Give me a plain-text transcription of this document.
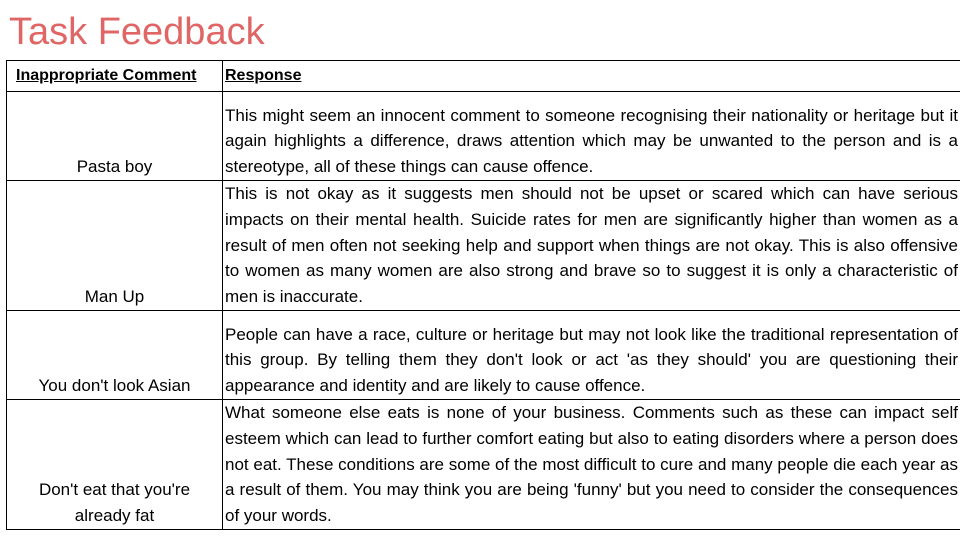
Task Feedback
Inappropriate Comment	Response
Pasta boy	This might seem an innocent comment to someone recognising their nationality or heritage but it again highlights a difference, draws attention which may be unwanted to the person and is a stereotype, all of these things can cause offence.
Man Up	This is not okay as it suggests men should not be upset or scared which can have serious impacts on their mental health. Suicide rates for men are significantly higher than women as a result of men often not seeking help and support when things are not okay. This is also offensive to women as many women are also strong and brave so to suggest it is only a characteristic of men is inaccurate.
You don't look Asian	People can have a race, culture or heritage but may not look like the traditional representation of this group. By telling them they don't look or act 'as they should' you are questioning their appearance and identity and are likely to cause offence.
Don't eat that you're already fat	What someone else eats is none of your business. Comments such as these can impact self esteem which can lead to further comfort eating but also to eating disorders where a person does not eat. These conditions are some of the most difficult to cure and many people die each year as a result of them. You may think you are being 'funny' but you need to consider the consequences of your words.
